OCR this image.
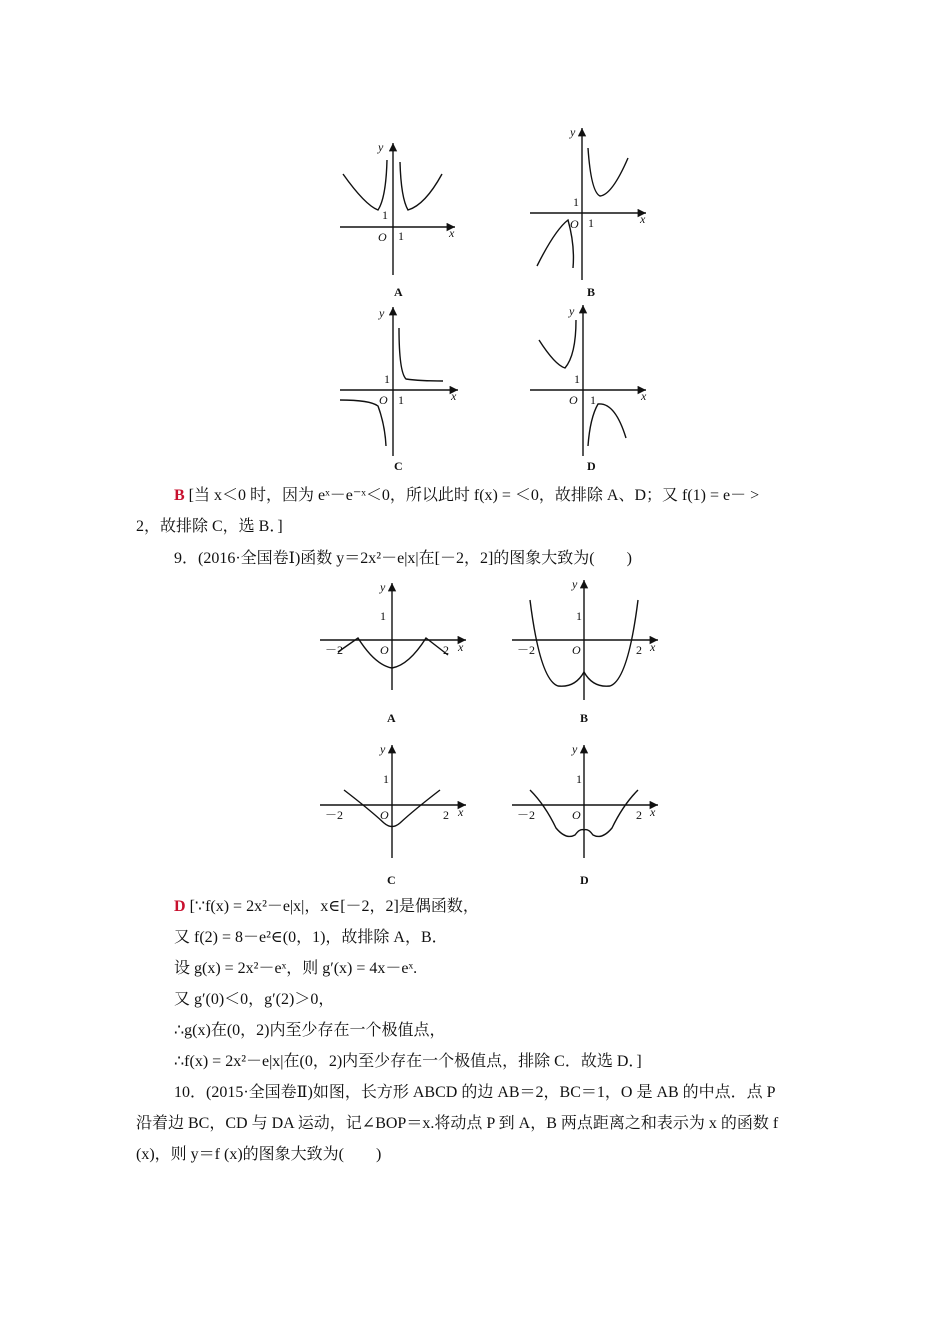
y
x
O
1
1
A
y
x
O
1
1
B
y
x
O
1
1
C
y
x
O
1
1
D
y
x
O
1
－2	2
A
y
x
O
1
－2	2
B
y
x
O
1
－2	2
C
y
x
O
1
－2	2
D
B [当 x＜0 时，因为 eˣ－e⁻ˣ＜0，所以此时 f(x) = ＜0，故排除 A、D；又 f(1) = e－ >
2，故排除 C，选 B．]
9．(2016·全国卷Ⅰ)函数 y＝2x²－e|x|在[－2，2]的图象大致为(　　)
D [∵f(x) = 2x²－e|x|，x∈[－2，2]是偶函数，
又 f(2) = 8－e²∈(0，1)，故排除 A，B．
设 g(x) = 2x²－eˣ，则 g′(x) = 4x－eˣ.
又 g′(0)＜0，g′(2)＞0，
∴g(x)在(0，2)内至少存在一个极值点，
∴f(x) = 2x²－e|x|在(0，2)内至少存在一个极值点，排除 C．故选 D．]
10．(2015·全国卷Ⅱ)如图，长方形 ABCD 的边 AB＝2，BC＝1，O 是 AB 的中点．点 P
沿着边 BC，CD 与 DA 运动，记∠BOP＝x.将动点 P 到 A，B 两点距离之和表示为 x 的函数 f
(x)，则 y＝f (x)的图象大致为(　　)
